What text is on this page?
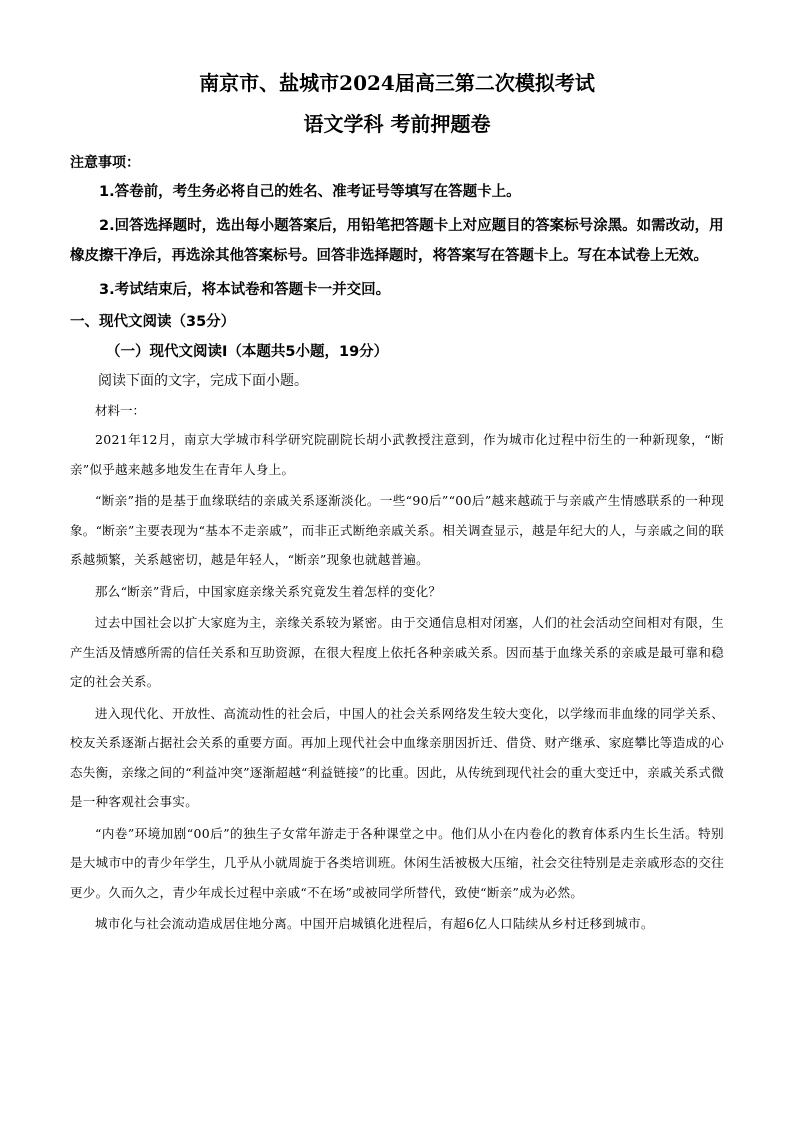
南京市、盐城市2024届高三第二次模拟考试
语文学科 考前押题卷
注意事项：

1.答卷前，考生务必将自己的姓名、准考证号等填写在答题卡上。

2.回答选择题时，选出每小题答案后，用铅笔把答题卡上对应题目的答案标号涂黑。如需改动，用橡皮擦干净后，再选涂其他答案标号。回答非选择题时，将答案写在答题卡上。写在本试卷上无效。

3.考试结束后，将本试卷和答题卡一并交回。

一、现代文阅读（35分）
（一）现代文阅读Ⅰ（本题共5小题，19分）

阅读下面的文字，完成下面小题。

材料一：

2021年12月，南京大学城市科学研究院副院长胡小武教授注意到，作为城市化过程中衍生的一种新现象，“断亲”似乎越来越多地发生在青年人身上。

“断亲”指的是基于血缘联结的亲戚关系逐渐淡化。一些“90后”“00后”越来越疏于与亲戚产生情感联系的一种现象。“断亲”主要表现为“基本不走亲戚”，而非正式断绝亲戚关系。相关调查显示，越是年纪大的人，与亲戚之间的联系越频繁，关系越密切，越是年轻人，“断亲”现象也就越普遍。

那么“断亲”背后，中国家庭亲缘关系究竟发生着怎样的变化？

过去中国社会以扩大家庭为主，亲缘关系较为紧密。由于交通信息相对闭塞，人们的社会活动空间相对有限，生产生活及情感所需的信任关系和互助资源，在很大程度上依托各种亲戚关系。因而基于血缘关系的亲戚是最可靠和稳定的社会关系。

进入现代化、开放性、高流动性的社会后，中国人的社会关系网络发生较大变化，以学缘而非血缘的同学关系、校友关系逐渐占据社会关系的重要方面。再加上现代社会中血缘亲朋因折迁、借贷、财产继承、家庭攀比等造成的心态失衡，亲缘之间的“利益冲突”逐渐超越“利益链接”的比重。因此，从传统到现代社会的重大变迁中，亲戚关系式微是一种客观社会事实。

“内卷”环境加剧“00后”的独生子女常年游走于各种课堂之中。他们从小在内卷化的教育体系内生长生活。特别是大城市中的青少年学生，几乎从小就周旋于各类培训班。休闲生活被极大压缩，社会交往特别是走亲戚形态的交往更少。久而久之，青少年成长过程中亲戚“不在场”或被同学所替代，致使“断亲”成为必然。

城市化与社会流动造成居住地分离。中国开启城镇化进程后，有超6亿人口陆续从乡村迁移到城市。
